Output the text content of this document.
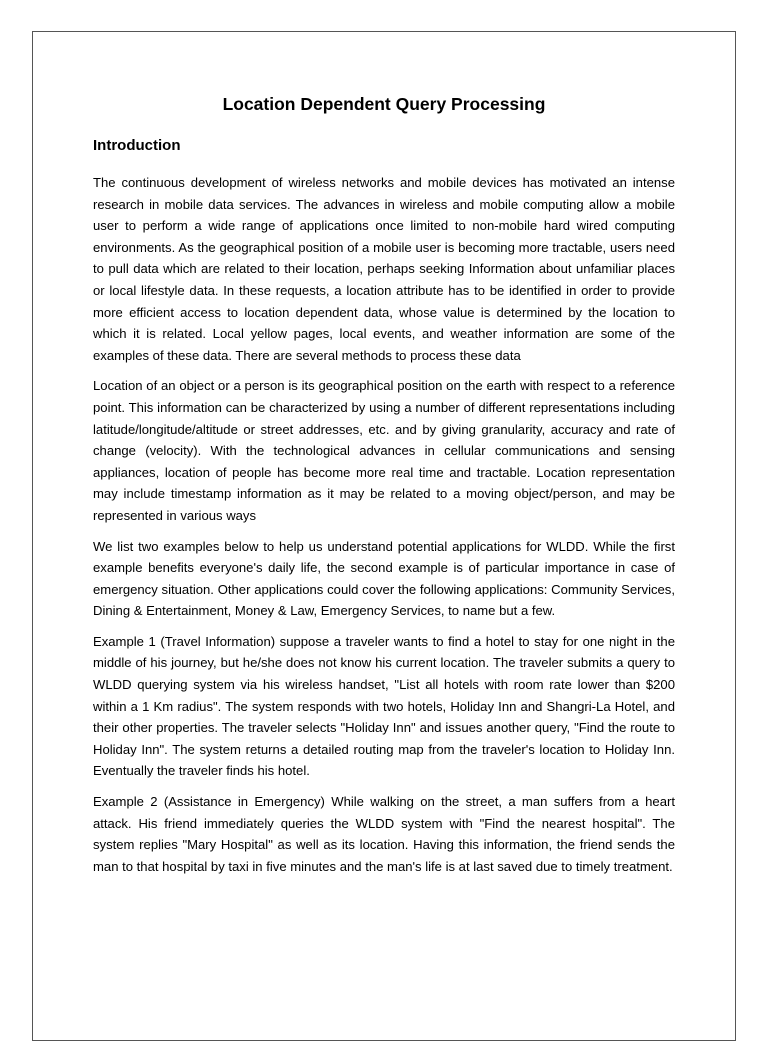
Location Dependent Query Processing
Introduction

The continuous development of wireless networks and mobile devices has motivated an intense research in mobile data services. The advances in wireless and mobile computing allow a mobile user to perform a wide range of applications once limited to non-mobile hard wired computing environments. As the geographical position of a mobile user is becoming more tractable, users need to pull data which are related to their location, perhaps seeking Information about unfamiliar places or local lifestyle data. In these requests, a location attribute has to be identified in order to provide more efficient access to location dependent data, whose value is determined by the location to which it is related. Local yellow pages, local events, and weather information are some of the examples of these data. There are several methods to process these data

Location of an object or a person is its geographical position on the earth with respect to a reference point. This information can be characterized by using a number of different representations including latitude/longitude/altitude or street addresses, etc. and by giving granularity, accuracy and rate of change (velocity). With the technological advances in cellular communications and sensing appliances, location of people has become more real time and tractable. Location representation may include timestamp information as it may be related to a moving object/person, and may be represented in various ways

We list two examples below to help us understand potential applications for WLDD. While the first example benefits everyone's daily life, the second example is of particular importance in case of emergency situation. Other applications could cover the following applications: Community Services, Dining & Entertainment, Money & Law, Emergency Services, to name but a few.

Example 1 (Travel Information) suppose a traveler wants to find a hotel to stay for one night in the middle of his journey, but he/she does not know his current location. The traveler submits a query to WLDD querying system via his wireless handset, "List all hotels with room rate lower than $200 within a 1 Km radius". The system responds with two hotels, Holiday Inn and Shangri-La Hotel, and their other properties. The traveler selects "Holiday Inn" and issues another query, "Find the route to Holiday Inn". The system returns a detailed routing map from the traveler's location to Holiday Inn. Eventually the traveler finds his hotel.

Example 2 (Assistance in Emergency) While walking on the street, a man suffers from a heart attack. His friend immediately queries the WLDD system with "Find the nearest hospital". The system replies "Mary Hospital" as well as its location. Having this information, the friend sends the man to that hospital by taxi in five minutes and the man's life is at last saved due to timely treatment.
